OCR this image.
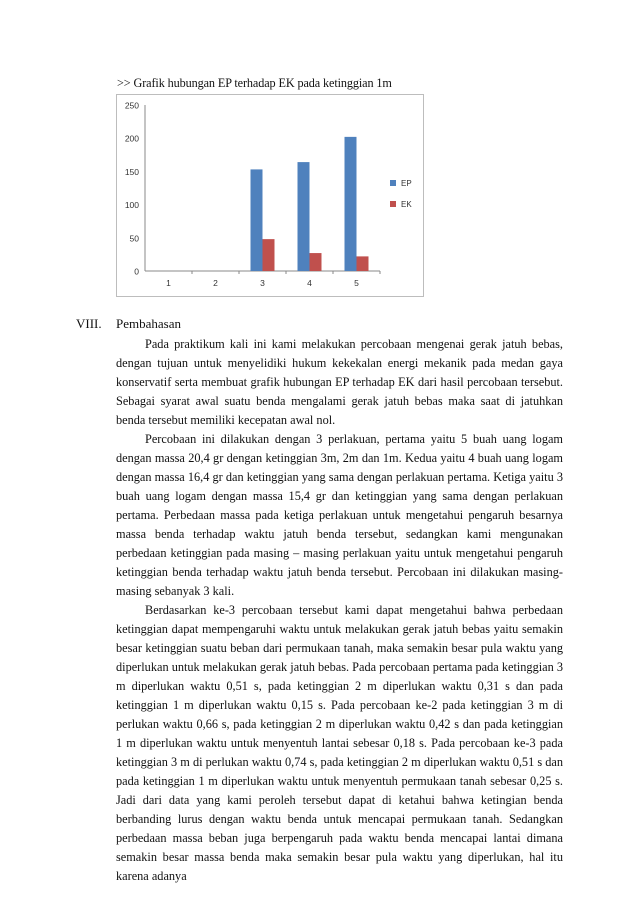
>> Grafik hubungan EP terhadap EK pada ketinggian 1m
0
50
100
150
200
250
1	2	3	4	5
EP
EK
VIII. Pembahasan

Pada praktikum kali ini kami melakukan percobaan mengenai gerak jatuh bebas, dengan tujuan untuk menyelidiki hukum kekekalan energi mekanik pada medan gaya konservatif serta membuat grafik hubungan EP terhadap EK dari hasil percobaan tersebut. Sebagai syarat awal suatu benda mengalami gerak jatuh bebas maka saat di jatuhkan benda tersebut memiliki kecepatan awal nol.

Percobaan ini dilakukan dengan 3 perlakuan, pertama yaitu 5 buah uang logam dengan massa 20,4 gr dengan ketinggian 3m, 2m dan 1m. Kedua yaitu 4 buah uang logam dengan massa 16,4 gr dan ketinggian yang sama dengan perlakuan pertama. Ketiga yaitu 3 buah uang logam dengan massa 15,4 gr dan ketinggian yang sama dengan perlakuan pertama. Perbedaan massa pada ketiga perlakuan untuk mengetahui pengaruh besarnya massa benda terhadap waktu jatuh benda tersebut, sedangkan kami mengunakan perbedaan ketinggian pada masing – masing perlakuan yaitu untuk mengetahui pengaruh ketinggian benda terhadap waktu jatuh benda tersebut. Percobaan ini dilakukan masing-masing sebanyak 3 kali.

Berdasarkan ke-3 percobaan tersebut kami dapat mengetahui bahwa perbedaan ketinggian dapat mempengaruhi waktu untuk melakukan gerak jatuh bebas yaitu semakin besar ketinggian suatu beban dari permukaan tanah, maka semakin besar pula waktu yang diperlukan untuk melakukan gerak jatuh bebas. Pada percobaan pertama pada ketinggian 3 m diperlukan waktu 0,51 s, pada ketinggian 2 m diperlukan waktu 0,31 s dan pada ketinggian 1 m diperlukan waktu 0,15 s. Pada percobaan ke-2 pada ketinggian 3 m di perlukan waktu 0,66 s, pada ketinggian 2 m diperlukan waktu 0,42 s dan pada ketinggian 1 m diperlukan waktu untuk menyentuh lantai sebesar 0,18 s. Pada percobaan ke-3 pada ketinggian 3 m di perlukan waktu 0,74 s, pada ketinggian 2 m diperlukan waktu 0,51 s dan pada ketinggian 1 m diperlukan waktu untuk menyentuh permukaan tanah sebesar 0,25 s. Jadi dari data yang kami peroleh tersebut dapat di ketahui bahwa ketingian benda berbanding lurus dengan waktu benda untuk mencapai permukaan tanah. Sedangkan perbedaan massa beban juga berpengaruh pada waktu benda mencapai lantai dimana semakin besar massa benda maka semakin besar pula waktu yang diperlukan, hal itu karena adanya
